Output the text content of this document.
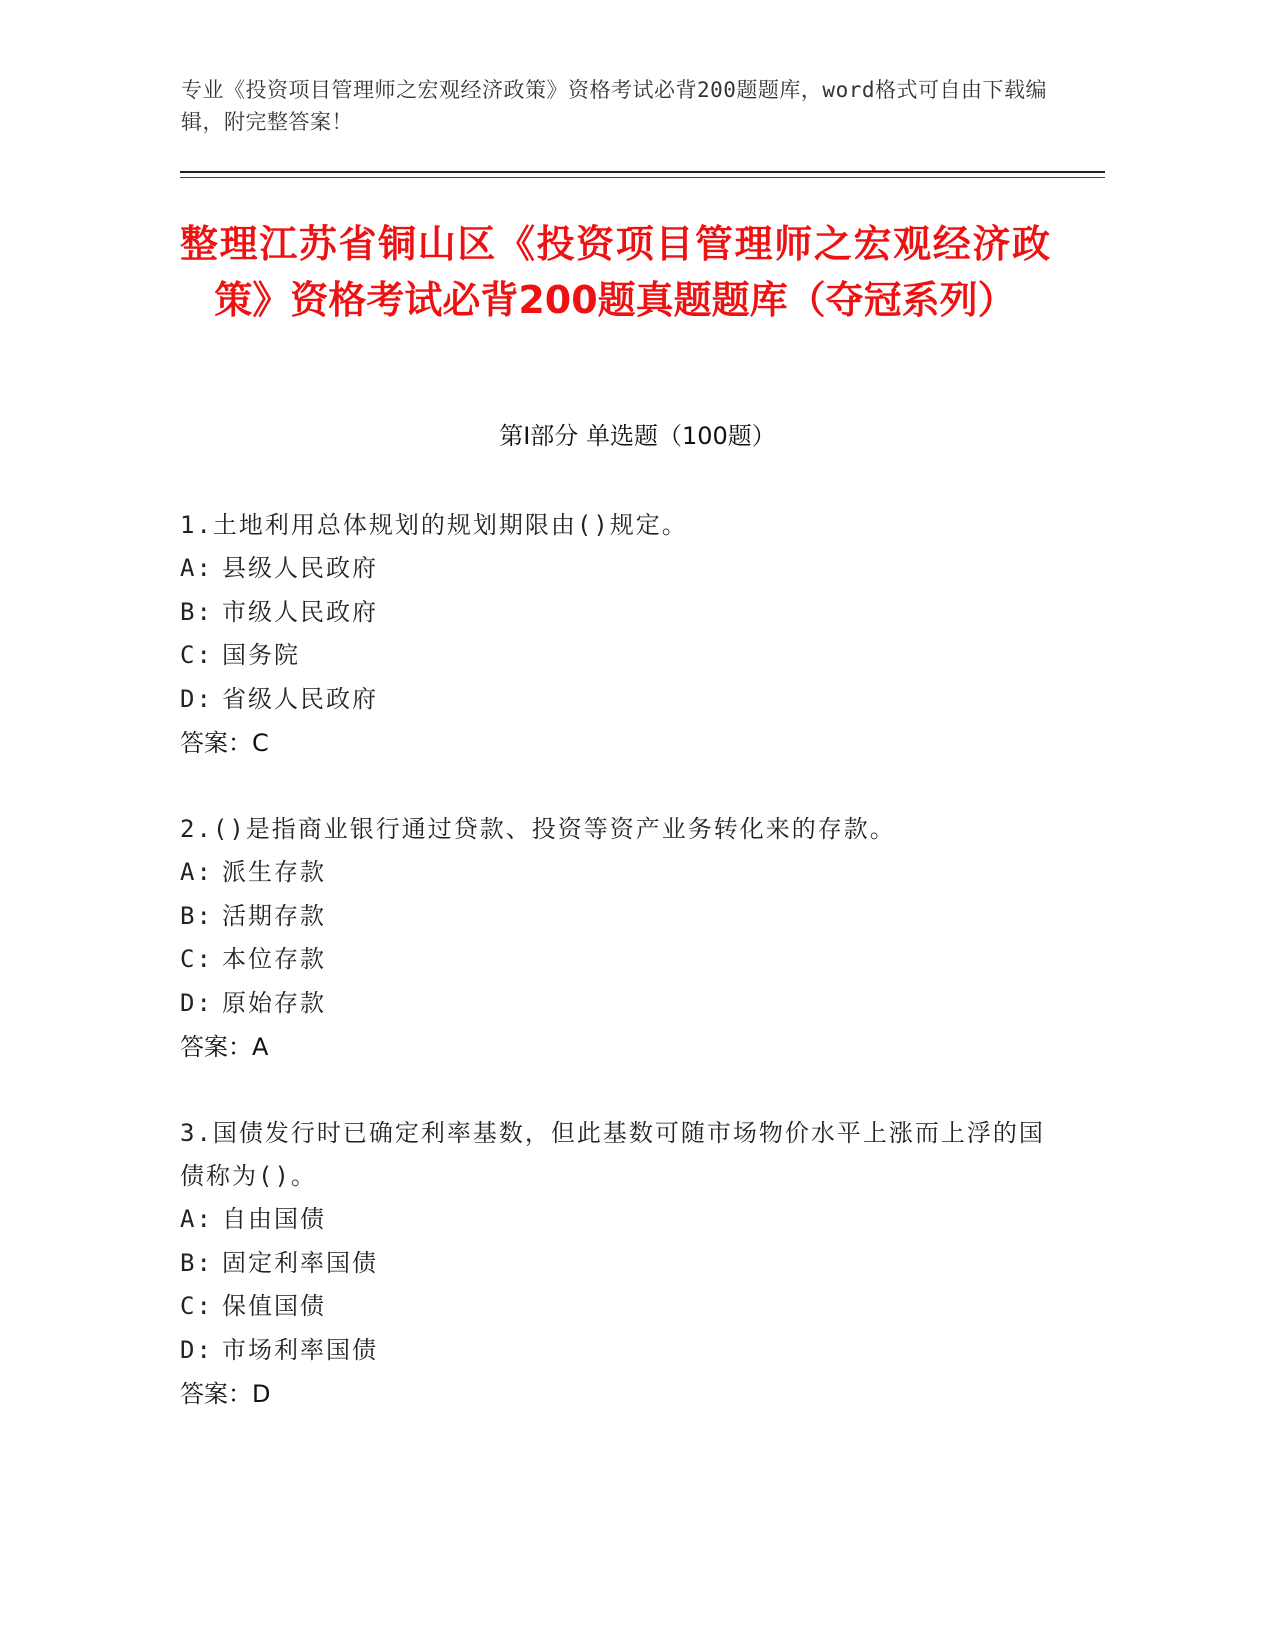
专业《投资项目管理师之宏观经济政策》资格考试必背200题题库，word格式可自由下载编辑，附完整答案！
整理江苏省铜山区《投资项目管理师之宏观经济政策》资格考试必背200题真题题库（夺冠系列）
第Ⅰ部分 单选题（100题）
1.土地利用总体规划的规划期限由()规定。
A: 县级人民政府
B: 市级人民政府
C: 国务院
D: 省级人民政府
答案：C
2.()是指商业银行通过贷款、投资等资产业务转化来的存款。
A: 派生存款
B: 活期存款
C: 本位存款
D: 原始存款
答案：A
3.国债发行时已确定利率基数，但此基数可随市场物价水平上涨而上浮的国债称为()。
A: 自由国债
B: 固定利率国债
C: 保值国债
D: 市场利率国债
答案：D
